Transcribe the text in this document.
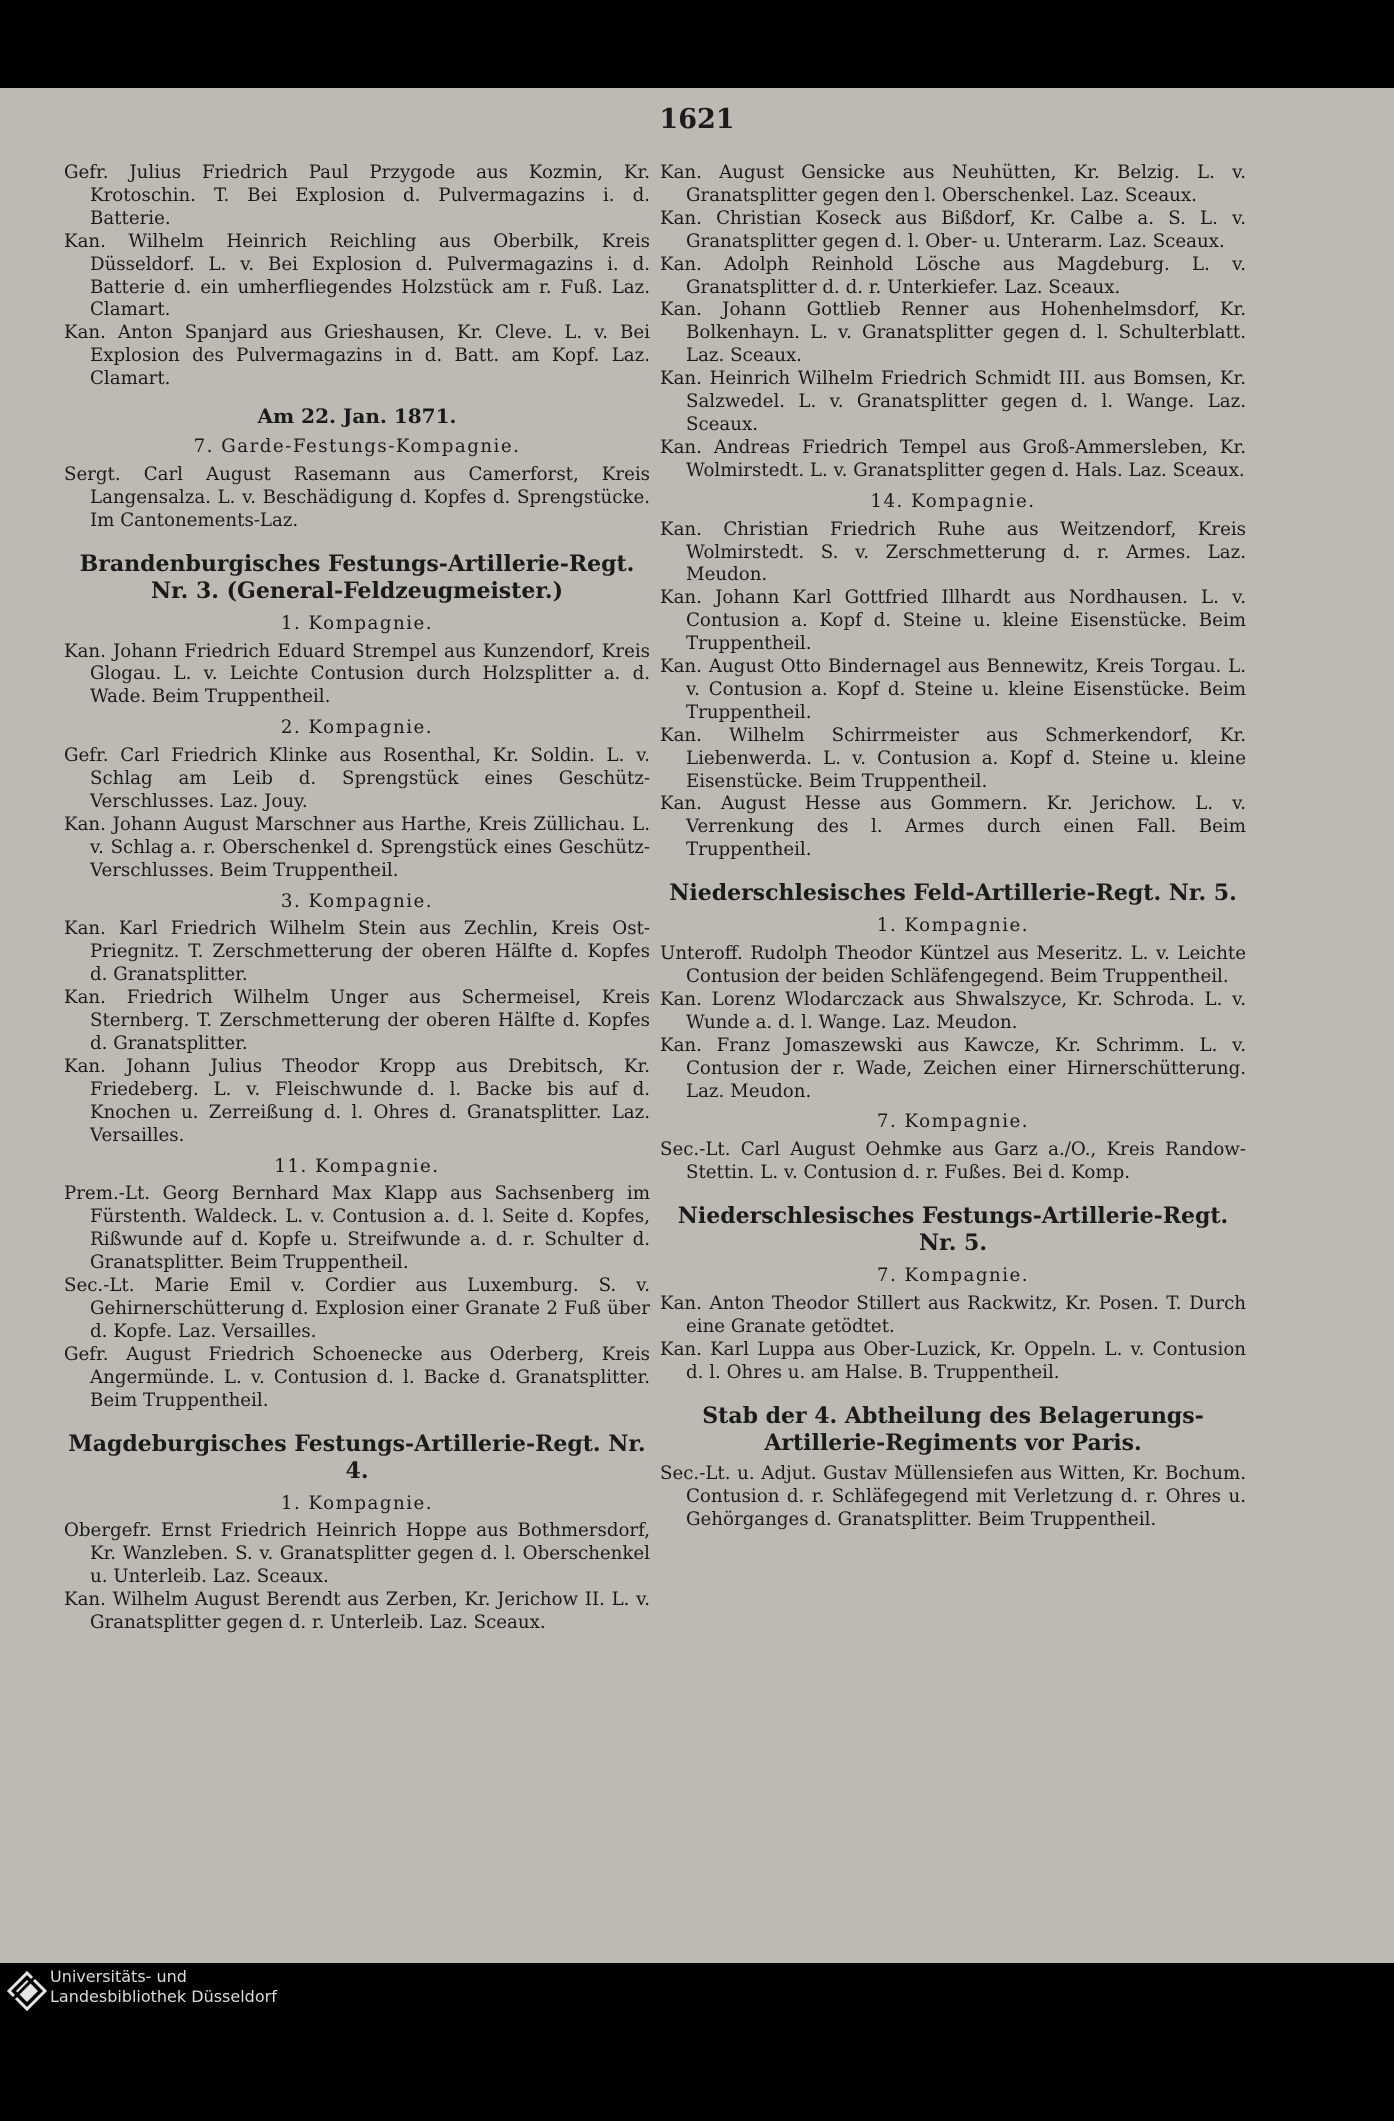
1621
Gefr. Julius Friedrich Paul Przygode aus Kozmin, Kr. Krotoschin. T. Bei Explosion d. Pulvermagazins i. d. Batterie.
Kan. Wilhelm Heinrich Reichling aus Oberbilk, Kreis Düsseldorf. L. v. Bei Explosion d. Pulvermagazins i. d. Batterie d. ein umherfliegendes Holzstück am r. Fuß. Laz. Clamart.
Kan. Anton Spanjard aus Grieshausen, Kr. Cleve. L. v. Bei Explosion des Pulvermagazins in d. Batt. am Kopf. Laz. Clamart.
Am 22. Jan. 1871.
7. Garde-Festungs-Kompagnie.
Sergt. Carl August Rasemann aus Camerforst, Kreis Langensalza. L. v. Beschädigung d. Kopfes d. Sprengstücke. Im Cantonements-Laz.
Brandenburgisches Festungs-Artillerie-Regt. Nr. 3. (General-Feldzeugmeister.)
1. Kompagnie.
Kan. Johann Friedrich Eduard Strempel aus Kunzendorf, Kreis Glogau. L. v. Leichte Contusion durch Holzsplitter a. d. Wade. Beim Truppentheil.
2. Kompagnie.
Gefr. Carl Friedrich Klinke aus Rosenthal, Kr. Soldin. L. v. Schlag am Leib d. Sprengstück eines Geschütz-Verschlusses. Laz. Jouy.
Kan. Johann August Marschner aus Harthe, Kreis Züllichau. L. v. Schlag a. r. Oberschenkel d. Sprengstück eines Geschütz-Verschlusses. Beim Truppentheil.
3. Kompagnie.
Kan. Karl Friedrich Wilhelm Stein aus Zechlin, Kreis Ost-Priegnitz. T. Zerschmetterung der oberen Hälfte d. Kopfes d. Granatsplitter.
Kan. Friedrich Wilhelm Unger aus Schermeisel, Kreis Sternberg. T. Zerschmetterung der oberen Hälfte d. Kopfes d. Granatsplitter.
Kan. Johann Julius Theodor Kropp aus Drebitsch, Kr. Friedeberg. L. v. Fleischwunde d. l. Backe bis auf d. Knochen u. Zerreißung d. l. Ohres d. Granatsplitter. Laz. Versailles.
11. Kompagnie.
Prem.-Lt. Georg Bernhard Max Klapp aus Sachsenberg im Fürstenth. Waldeck. L. v. Contusion a. d. l. Seite d. Kopfes, Rißwunde auf d. Kopfe u. Streifwunde a. d. r. Schulter d. Granatsplitter. Beim Truppentheil.
Sec.-Lt. Marie Emil v. Cordier aus Luxemburg. S. v. Gehirnerschütterung d. Explosion einer Granate 2 Fuß über d. Kopfe. Laz. Versailles.
Gefr. August Friedrich Schoenecke aus Oderberg, Kreis Angermünde. L. v. Contusion d. l. Backe d. Granatsplitter. Beim Truppentheil.
Magdeburgisches Festungs-Artillerie-Regt. Nr. 4.
1. Kompagnie.
Obergefr. Ernst Friedrich Heinrich Hoppe aus Bothmersdorf, Kr. Wanzleben. S. v. Granatsplitter gegen d. l. Oberschenkel u. Unterleib. Laz. Sceaux.
Kan. Wilhelm August Berendt aus Zerben, Kr. Jerichow II. L. v. Granatsplitter gegen d. r. Unterleib. Laz. Sceaux.
Kan. August Gensicke aus Neuhütten, Kr. Belzig. L. v. Granatsplitter gegen den l. Oberschenkel. Laz. Sceaux.
Kan. Christian Koseck aus Bißdorf, Kr. Calbe a. S. L. v. Granatsplitter gegen d. l. Ober- u. Unterarm. Laz. Sceaux.
Kan. Adolph Reinhold Lösche aus Magdeburg. L. v. Granatsplitter d. d. r. Unterkiefer. Laz. Sceaux.
Kan. Johann Gottlieb Renner aus Hohenhelmsdorf, Kr. Bolkenhayn. L. v. Granatsplitter gegen d. l. Schulterblatt. Laz. Sceaux.
Kan. Heinrich Wilhelm Friedrich Schmidt III. aus Bomsen, Kr. Salzwedel. L. v. Granatsplitter gegen d. l. Wange. Laz. Sceaux.
Kan. Andreas Friedrich Tempel aus Groß-Ammersleben, Kr. Wolmirstedt. L. v. Granatsplitter gegen d. Hals. Laz. Sceaux.
14. Kompagnie.
Kan. Christian Friedrich Ruhe aus Weitzendorf, Kreis Wolmirstedt. S. v. Zerschmetterung d. r. Armes. Laz. Meudon.
Kan. Johann Karl Gottfried Illhardt aus Nordhausen. L. v. Contusion a. Kopf d. Steine u. kleine Eisenstücke. Beim Truppentheil.
Kan. August Otto Bindernagel aus Bennewitz, Kreis Torgau. L. v. Contusion a. Kopf d. Steine u. kleine Eisenstücke. Beim Truppentheil.
Kan. Wilhelm Schirrmeister aus Schmerkendorf, Kr. Liebenwerda. L. v. Contusion a. Kopf d. Steine u. kleine Eisenstücke. Beim Truppentheil.
Kan. August Hesse aus Gommern. Kr. Jerichow. L. v. Verrenkung des l. Armes durch einen Fall. Beim Truppentheil.
Niederschlesisches Feld-Artillerie-Regt. Nr. 5.
1. Kompagnie.
Unteroff. Rudolph Theodor Küntzel aus Meseritz. L. v. Leichte Contusion der beiden Schläfengegend. Beim Truppentheil.
Kan. Lorenz Wlodarczack aus Shwalszyce, Kr. Schroda. L. v. Wunde a. d. l. Wange. Laz. Meudon.
Kan. Franz Jomaszewski aus Kawcze, Kr. Schrimm. L. v. Contusion der r. Wade, Zeichen einer Hirnerschütterung. Laz. Meudon.
7. Kompagnie.
Sec.-Lt. Carl August Oehmke aus Garz a./O., Kreis Randow-Stettin. L. v. Contusion d. r. Fußes. Bei d. Komp.
Niederschlesisches Festungs-Artillerie-Regt. Nr. 5.
7. Kompagnie.
Kan. Anton Theodor Stillert aus Rackwitz, Kr. Posen. T. Durch eine Granate getödtet.
Kan. Karl Luppa aus Ober-Luzick, Kr. Oppeln. L. v. Contusion d. l. Ohres u. am Halse. B. Truppentheil.
Stab der 4. Abtheilung des Belagerungs-Artillerie-Regiments vor Paris.
Sec.-Lt. u. Adjut. Gustav Müllensiefen aus Witten, Kr. Bochum. Contusion d. r. Schläfegegend mit Verletzung d. r. Ohres u. Gehörganges d. Granatsplitter. Beim Truppentheil.
Universitäts- und
Landesbibliothek Düsseldorf
